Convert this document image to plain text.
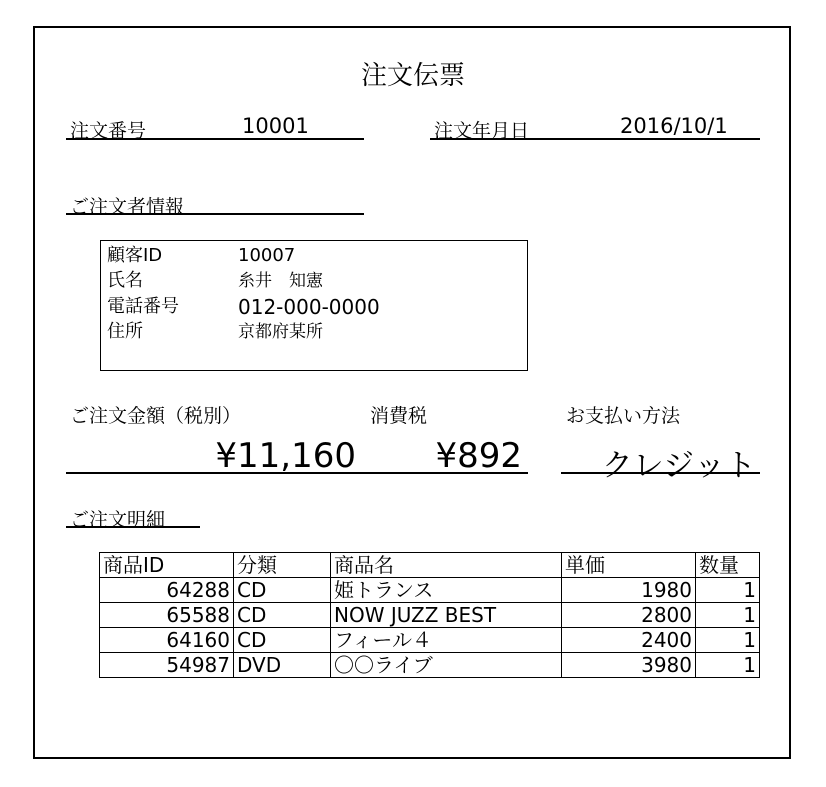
注文伝票
注文番号	10001	注文年月日	2016/10/1
ご注文者情報
顧客ID	10007
氏名	糸井　知憲
電話番号	012-000-0000
住所	京都府某所
ご注文金額（税別）	消費税	お支払い方法
¥11,160 ¥892	クレジット
ご注文明細
商品ID	分類	商品名	単価	数量
64288	CD	姫トランス	1980	1
65588	CD	NOW JUZZ BEST	2800	1
64160	CD	フィール４	2400	1
54987	DVD	〇〇ライブ	3980	1
